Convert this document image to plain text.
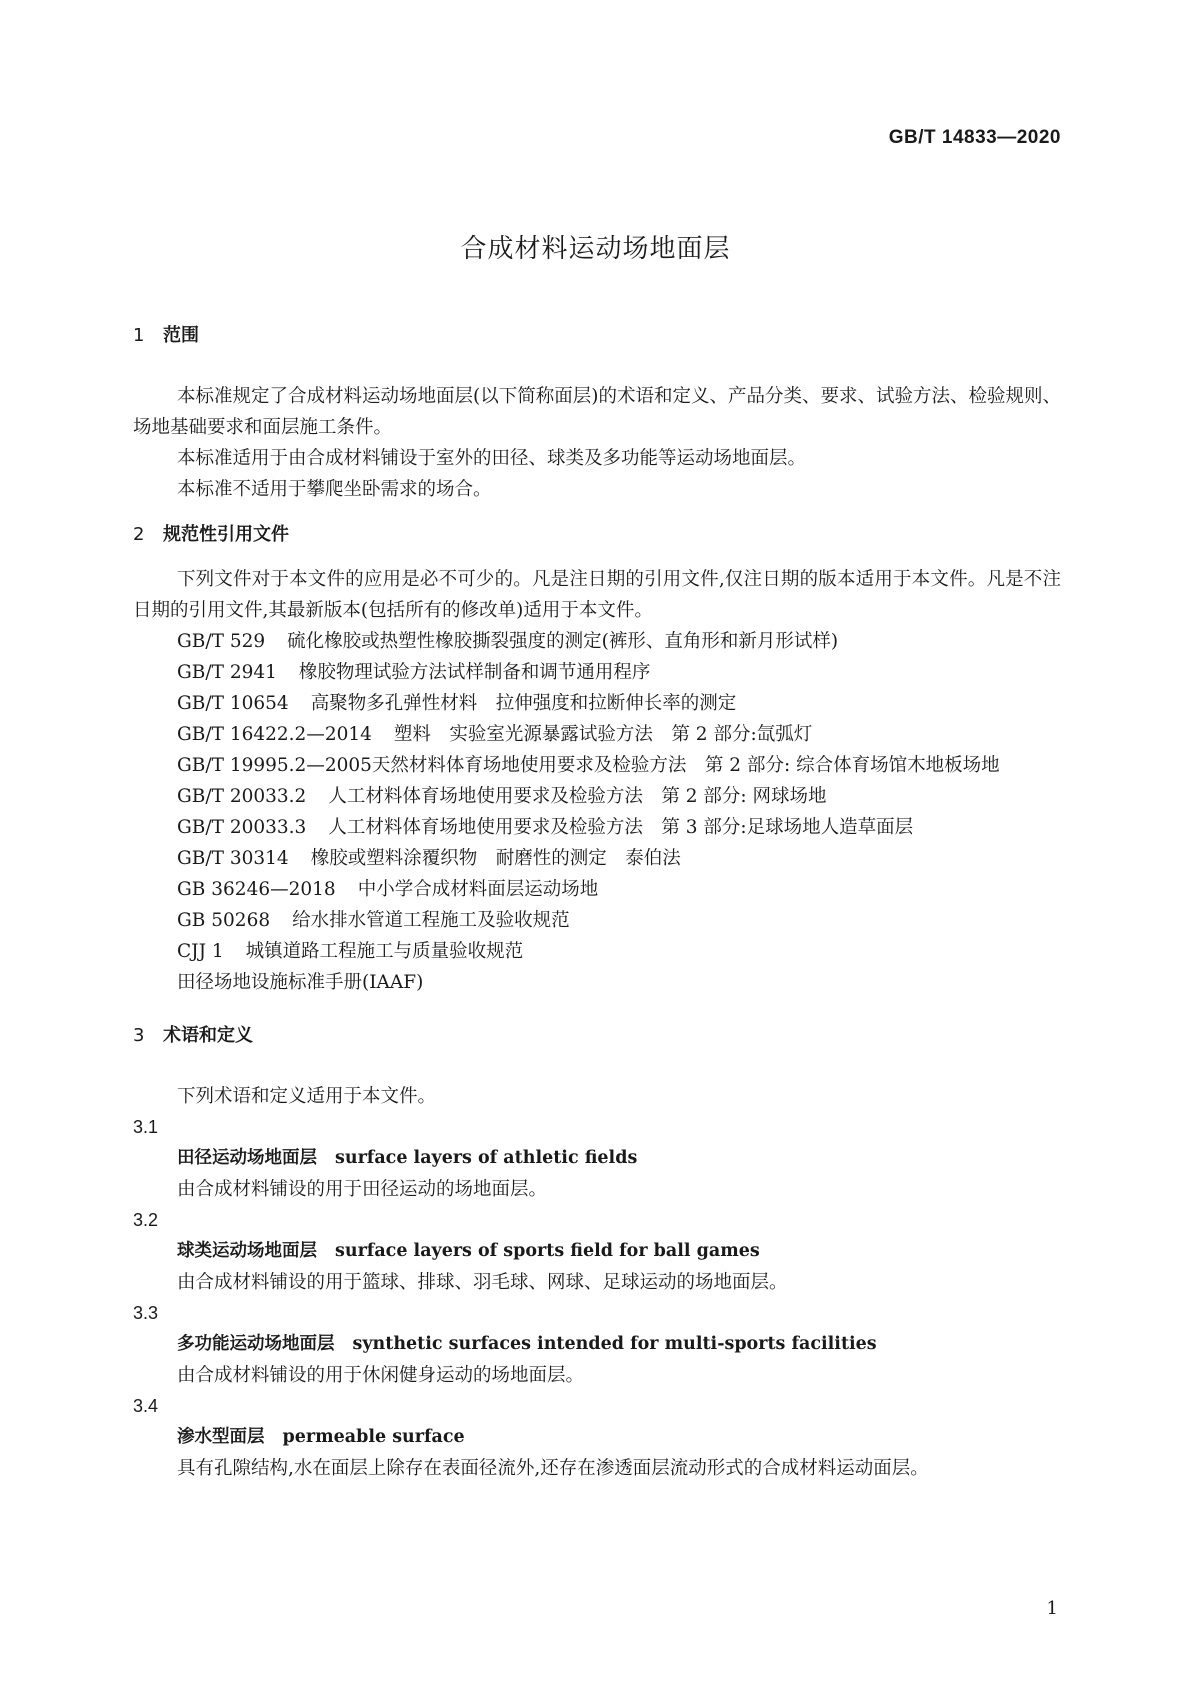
GB/T 14833—2020
合成材料运动场地面层
1 范围

本标准规定了合成材料运动场地面层(以下简称面层)的术语和定义、产品分类、要求、试验方法、检验规则、场地基础要求和面层施工条件。

本标准适用于由合成材料铺设于室外的田径、球类及多功能等运动场地面层。

本标准不适用于攀爬坐卧需求的场合。

2 规范性引用文件

下列文件对于本文件的应用是必不可少的。凡是注日期的引用文件,仅注日期的版本适用于本文件。凡是不注日期的引用文件,其最新版本(包括所有的修改单)适用于本文件。

GB/T 529 硫化橡胶或热塑性橡胶撕裂强度的测定(裤形、直角形和新月形试样)

GB/T 2941 橡胶物理试验方法试样制备和调节通用程序

GB/T 10654 高聚物多孔弹性材料　拉伸强度和拉断伸长率的测定

GB/T 16422.2—2014 塑料　实验室光源暴露试验方法　第 2 部分:氙弧灯

GB/T 19995.2—2005天然材料体育场地使用要求及检验方法　第 2 部分: 综合体育场馆木地板场地

GB/T 20033.2 人工材料体育场地使用要求及检验方法　第 2 部分: 网球场地

GB/T 20033.3 人工材料体育场地使用要求及检验方法　第 3 部分:足球场地人造草面层

GB/T 30314 橡胶或塑料涂覆织物　耐磨性的测定　泰伯法

GB 36246—2018 中小学合成材料面层运动场地

GB 50268 给水排水管道工程施工及验收规范

CJJ 1 城镇道路工程施工与质量验收规范

田径场地设施标准手册(IAAF)

3 术语和定义

下列术语和定义适用于本文件。

3.1

田径运动场地面层 surface layers of athletic fields

由合成材料铺设的用于田径运动的场地面层。

3.2

球类运动场地面层 surface layers of sports field for ball games

由合成材料铺设的用于篮球、排球、羽毛球、网球、足球运动的场地面层。

3.3

多功能运动场地面层 synthetic surfaces intended for multi-sports facilities

由合成材料铺设的用于休闲健身运动的场地面层。

3.4

渗水型面层 permeable surface

具有孔隙结构,水在面层上除存在表面径流外,还存在渗透面层流动形式的合成材料运动面层。

1
